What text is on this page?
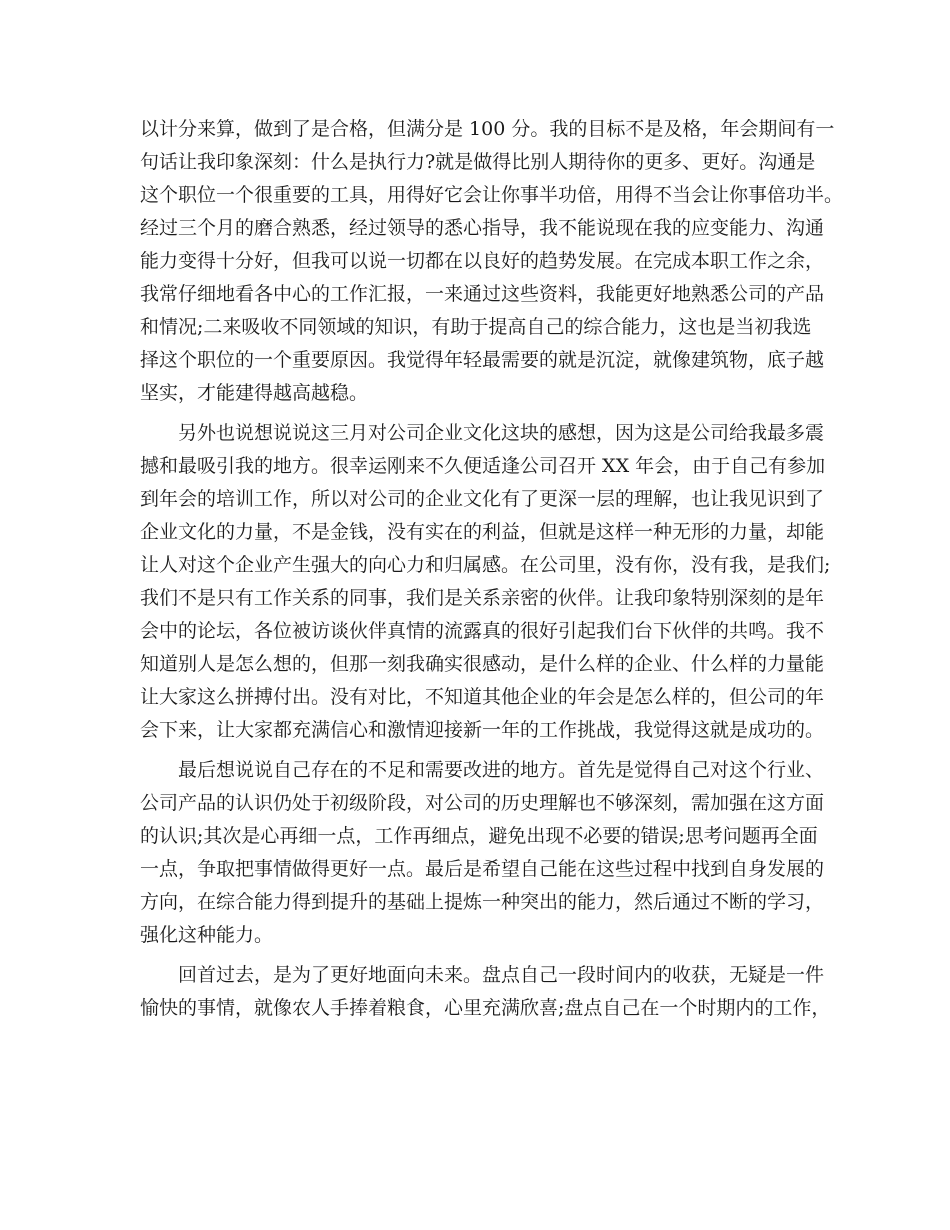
以计分来算，做到了是合格，但满分是 100 分。我的目标不是及格，年会期间有一
句话让我印象深刻：什么是执行力?就是做得比别人期待你的更多、更好。沟通是
这个职位一个很重要的工具，用得好它会让你事半功倍，用得不当会让你事倍功半。
经过三个月的磨合熟悉，经过领导的悉心指导，我不能说现在我的应变能力、沟通
能力变得十分好，但我可以说一切都在以良好的趋势发展。在完成本职工作之余，
我常仔细地看各中心的工作汇报，一来通过这些资料，我能更好地熟悉公司的产品
和情况;二来吸收不同领域的知识，有助于提高自己的综合能力，这也是当初我选
择这个职位的一个重要原因。我觉得年轻最需要的就是沉淀，就像建筑物，底子越
坚实，才能建得越高越稳。
另外也说想说说这三月对公司企业文化这块的感想，因为这是公司给我最多震
撼和最吸引我的地方。很幸运刚来不久便适逢公司召开 XX 年会，由于自己有参加
到年会的培训工作，所以对公司的企业文化有了更深一层的理解，也让我见识到了
企业文化的力量，不是金钱，没有实在的利益，但就是这样一种无形的力量，却能
让人对这个企业产生强大的向心力和归属感。在公司里，没有你，没有我，是我们;
我们不是只有工作关系的同事，我们是关系亲密的伙伴。让我印象特别深刻的是年
会中的论坛，各位被访谈伙伴真情的流露真的很好引起我们台下伙伴的共鸣。我不
知道别人是怎么想的，但那一刻我确实很感动，是什么样的企业、什么样的力量能
让大家这么拼搏付出。没有对比，不知道其他企业的年会是怎么样的，但公司的年
会下来，让大家都充满信心和激情迎接新一年的工作挑战，我觉得这就是成功的。
最后想说说自己存在的不足和需要改进的地方。首先是觉得自己对这个行业、
公司产品的认识仍处于初级阶段，对公司的历史理解也不够深刻，需加强在这方面
的认识;其次是心再细一点，工作再细点，避免出现不必要的错误;思考问题再全面
一点，争取把事情做得更好一点。最后是希望自己能在这些过程中找到自身发展的
方向，在综合能力得到提升的基础上提炼一种突出的能力，然后通过不断的学习，
强化这种能力。
回首过去，是为了更好地面向未来。盘点自己一段时间内的收获，无疑是一件
愉快的事情，就像农人手捧着粮食，心里充满欣喜;盘点自己在一个时期内的工作，
